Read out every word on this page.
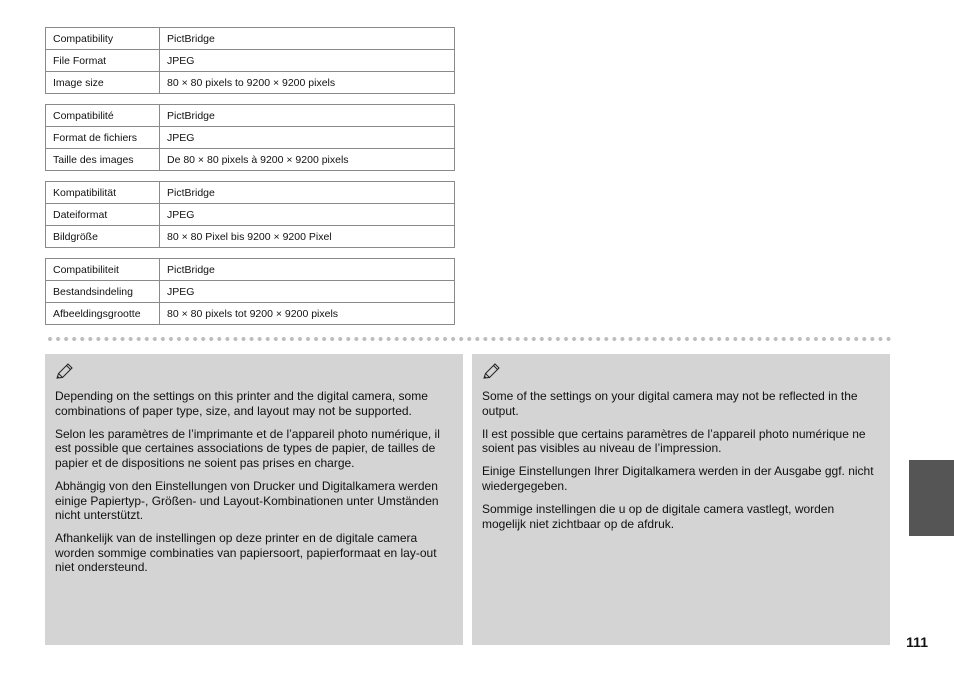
Compatibility	PictBridge
File Format	JPEG
Image size	80 × 80 pixels to 9200 × 9200 pixels
Compatibilité	PictBridge
Format de fichiers	JPEG
Taille des images	De 80 × 80 pixels à 9200 × 9200 pixels
Kompatibilität	PictBridge
Dateiformat	JPEG
Bildgröße	80 × 80 Pixel bis 9200 × 9200 Pixel
Compatibiliteit	PictBridge
Bestandsindeling	JPEG
Afbeeldingsgrootte	80 × 80 pixels tot 9200 × 9200 pixels

Depending on the settings on this printer and the digital camera, some combinations of paper type, size, and layout may not be supported.

Selon les paramètres de l’imprimante et de l’appareil photo numérique, il est possible que certaines associations de types de papier, de tailles de papier et de dispositions ne soient pas prises en charge.

Abhängig von den Einstellungen von Drucker und Digitalkamera werden einige Papiertyp-, Größen- und Layout-Kombinationen unter Umständen nicht unterstützt.

Afhankelijk van de instellingen op deze printer en de digitale camera worden sommige combinaties van papiersoort, papierformaat en lay-out niet ondersteund.

Some of the settings on your digital camera may not be reflected in the output.

Il est possible que certains paramètres de l’appareil photo numérique ne soient pas visibles au niveau de l’impression.

Einige Einstellungen Ihrer Digitalkamera werden in der Ausgabe ggf. nicht wiedergegeben.

Sommige instellingen die u op de digitale camera vastlegt, worden mogelijk niet zichtbaar op de afdruk.

111
